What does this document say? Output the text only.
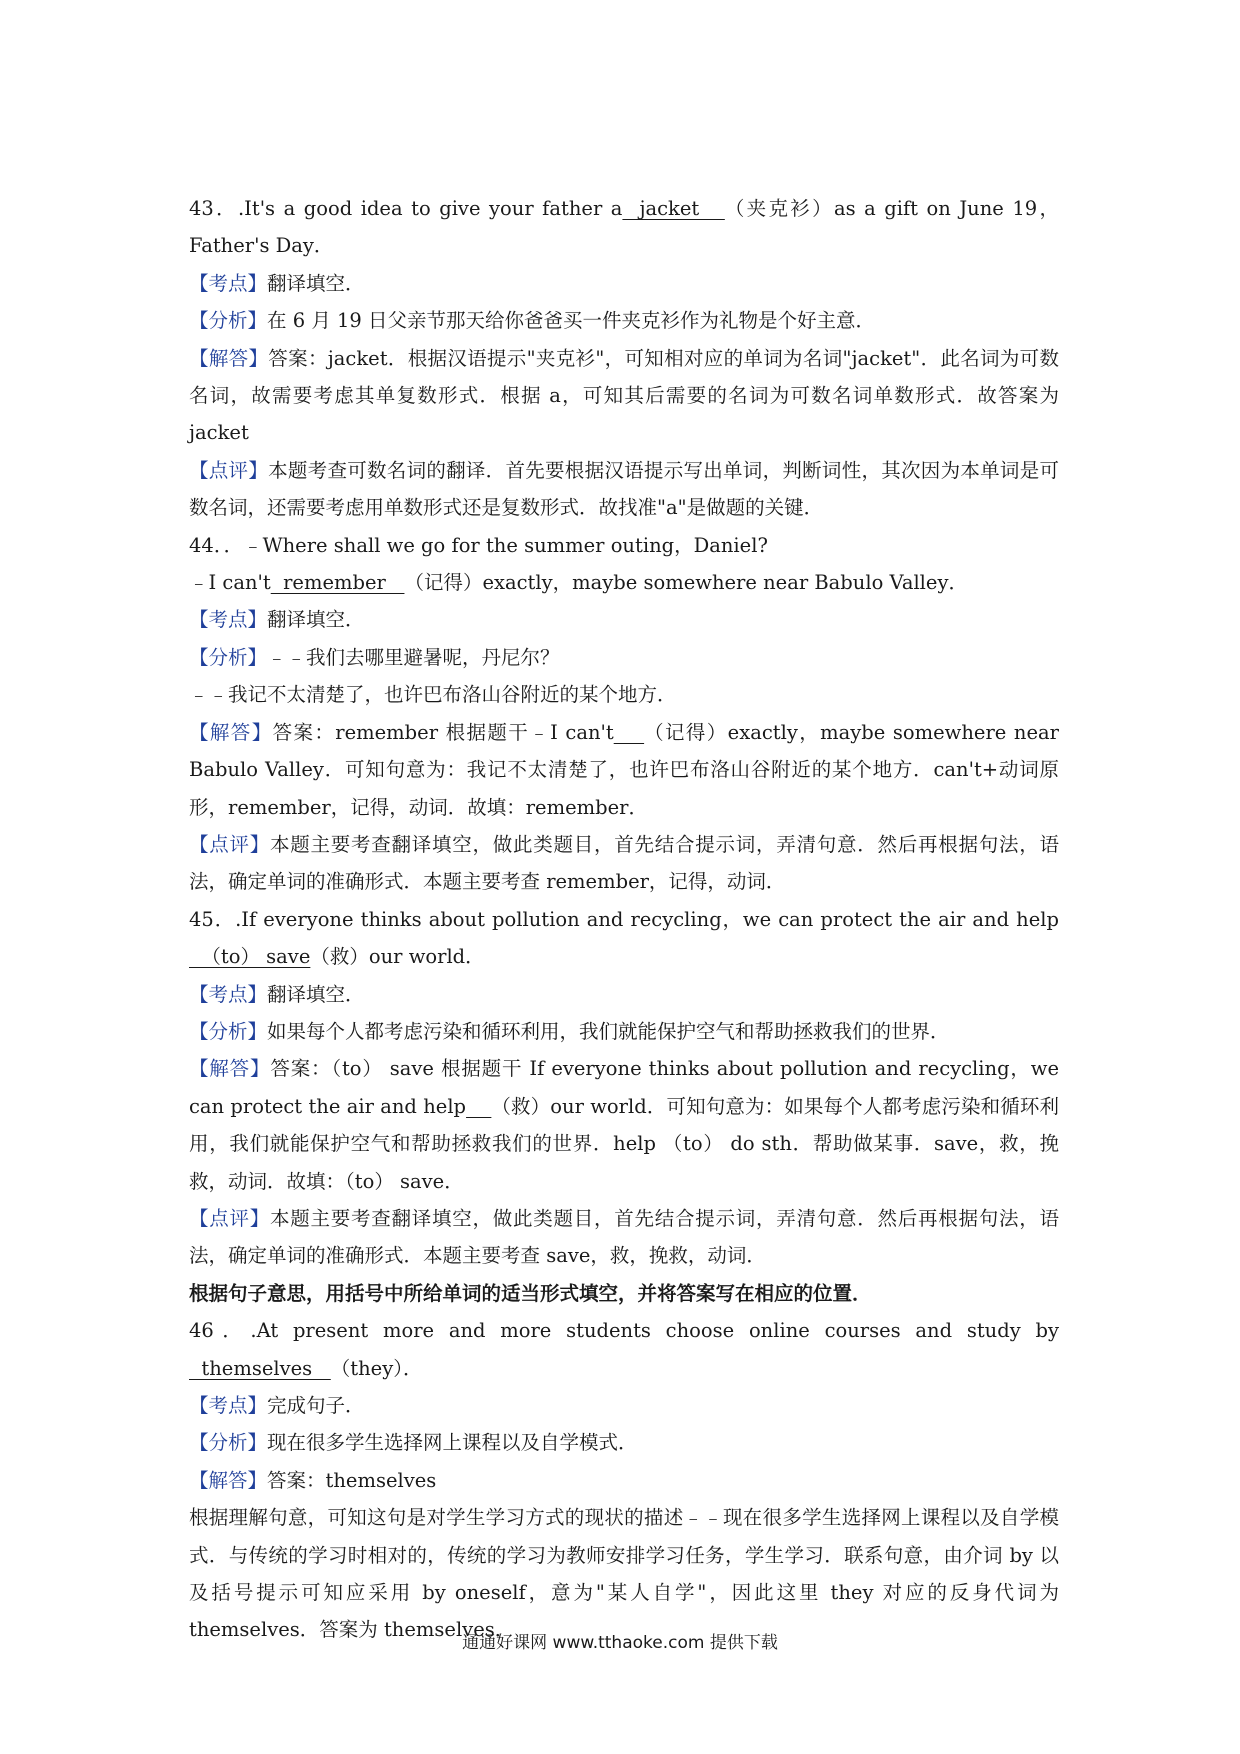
43．.It's a good idea to give your father a  jacket   （夹克衫）as a gift on June 19，Father's Day．

【考点】翻译填空．

【分析】在 6 月 19 日父亲节那天给你爸爸买一件夹克衫作为礼物是个好主意．

【解答】答案：jacket．根据汉语提示"夹克衫"，可知相对应的单词为名词"jacket"．此名词为可数名词，故需要考虑其单复数形式．根据 a，可知其后需要的名词为可数名词单数形式．故答案为 jacket

【点评】本题考查可数名词的翻译．首先要根据汉语提示写出单词，判断词性，其次因为本单词是可数名词，还需要考虑用单数形式还是复数形式．故找准"a"是做题的关键．

44．．﹣Where shall we go for the summer outing，Daniel?

﹣I can't  remember   （记得）exactly，maybe somewhere near Babulo Valley．

【考点】翻译填空．

【分析】﹣﹣我们去哪里避暑呢，丹尼尔？

﹣﹣我记不太清楚了，也许巴布洛山谷附近的某个地方．

【解答】答案：remember 根据题干﹣I can't （记得）exactly，maybe somewhere near Babulo Valley．可知句意为：我记不太清楚了，也许巴布洛山谷附近的某个地方．can't+动词原形，remember，记得，动词．故填：remember．

【点评】本题主要考查翻译填空，做此类题目，首先结合提示词，弄清句意．然后再根据句法，语法，确定单词的准确形式．本题主要考查 remember，记得，动词．

45．.If everyone thinks about pollution and recycling，we can protect the air and help  （to） save（救）our world．

【考点】翻译填空．

【分析】如果每个人都考虑污染和循环利用，我们就能保护空气和帮助拯救我们的世界．

【解答】答案：（to） save 根据题干 If everyone thinks about pollution and recycling，we can protect the air and help （救）our world．可知句意为：如果每个人都考虑污染和循环利用，我们就能保护空气和帮助拯救我们的世界．help （to） do sth．帮助做某事．save，救，挽救，动词．故填：（to） save．

【点评】本题主要考查翻译填空，做此类题目，首先结合提示词，弄清句意．然后再根据句法，语法，确定单词的准确形式．本题主要考查 save，救，挽救，动词．

根据句子意思，用括号中所给单词的适当形式填空，并将答案写在相应的位置．

46．.At present more and more students choose online courses and study by  themselves   （they）．

【考点】完成句子．

【分析】现在很多学生选择网上课程以及自学模式．

【解答】答案：themselves

根据理解句意，可知这句是对学生学习方式的现状的描述﹣﹣现在很多学生选择网上课程以及自学模式．与传统的学习时相对的，传统的学习为教师安排学习任务，学生学习．联系句意，由介词 by 以及括号提示可知应采用 by oneself，意为"某人自学"，因此这里 they 对应的反身代词为 themselves．答案为 themselves．

通通好课网 www.tthaoke.com 提供下载
